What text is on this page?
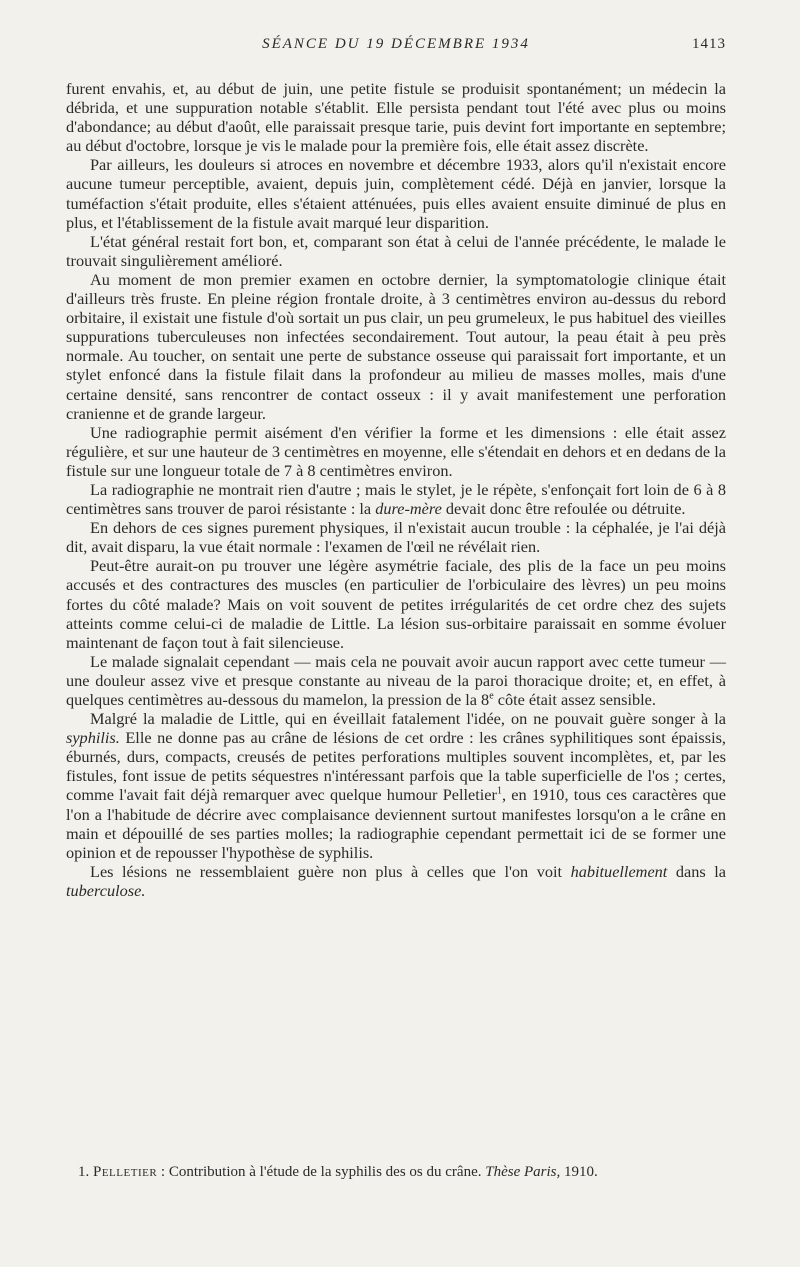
SÉANCE DU 19 DÉCEMBRE 1934	1413

furent envahis, et, au début de juin, une petite fistule se produisit spontanément; un médecin la débrida, et une suppuration notable s'établit. Elle persista pendant tout l'été avec plus ou moins d'abondance; au début d'août, elle paraissait presque tarie, puis devint fort importante en septembre; au début d'octobre, lorsque je vis le malade pour la première fois, elle était assez discrète.

Par ailleurs, les douleurs si atroces en novembre et décembre 1933, alors qu'il n'existait encore aucune tumeur perceptible, avaient, depuis juin, complètement cédé. Déjà en janvier, lorsque la tuméfaction s'était produite, elles s'étaient atténuées, puis elles avaient ensuite diminué de plus en plus, et l'établissement de la fistule avait marqué leur disparition.

L'état général restait fort bon, et, comparant son état à celui de l'année précédente, le malade le trouvait singulièrement amélioré.

Au moment de mon premier examen en octobre dernier, la symptomatologie clinique était d'ailleurs très fruste. En pleine région frontale droite, à 3 centimètres environ au-dessus du rebord orbitaire, il existait une fistule d'où sortait un pus clair, un peu grumeleux, le pus habituel des vieilles suppurations tuberculeuses non infectées secondairement. Tout autour, la peau était à peu près normale. Au toucher, on sentait une perte de substance osseuse qui paraissait fort importante, et un stylet enfoncé dans la fistule filait dans la profondeur au milieu de masses molles, mais d'une certaine densité, sans rencontrer de contact osseux : il y avait manifestement une perforation cranienne et de grande largeur.

Une radiographie permit aisément d'en vérifier la forme et les dimensions : elle était assez régulière, et sur une hauteur de 3 centimètres en moyenne, elle s'étendait en dehors et en dedans de la fistule sur une longueur totale de 7 à 8 centimètres environ.

La radiographie ne montrait rien d'autre ; mais le stylet, je le répète, s'enfonçait fort loin de 6 à 8 centimètres sans trouver de paroi résistante : la dure-mère devait donc être refoulée ou détruite.

En dehors de ces signes purement physiques, il n'existait aucun trouble : la céphalée, je l'ai déjà dit, avait disparu, la vue était normale : l'examen de l'œil ne révélait rien.

Peut-être aurait-on pu trouver une légère asymétrie faciale, des plis de la face un peu moins accusés et des contractures des muscles (en particulier de l'orbiculaire des lèvres) un peu moins fortes du côté malade? Mais on voit souvent de petites irrégularités de cet ordre chez des sujets atteints comme celui-ci de maladie de Little. La lésion sus-orbitaire paraissait en somme évoluer maintenant de façon tout à fait silencieuse.

Le malade signalait cependant — mais cela ne pouvait avoir aucun rapport avec cette tumeur — une douleur assez vive et presque constante au niveau de la paroi thoracique droite; et, en effet, à quelques centimètres au-dessous du mamelon, la pression de la 8e côte était assez sensible.

Malgré la maladie de Little, qui en éveillait fatalement l'idée, on ne pouvait guère songer à la syphilis. Elle ne donne pas au crâne de lésions de cet ordre : les crânes syphilitiques sont épaissis, éburnés, durs, compacts, creusés de petites perforations multiples souvent incomplètes, et, par les fistules, font issue de petits séquestres n'intéressant parfois que la table superficielle de l'os ; certes, comme l'avait fait déjà remarquer avec quelque humour Pelletier$^1$, en 1910, tous ces caractères que l'on a l'habitude de décrire avec complaisance deviennent surtout manifestes lorsqu'on a le crâne en main et dépouillé de ses parties molles; la radiographie cependant permettait ici de se former une opinion et de repousser l'hypothèse de syphilis.

Les lésions ne ressemblaient guère non plus à celles que l'on voit habituellement dans la tuberculose.

1. Pelletier : Contribution à l'étude de la syphilis des os du crâne. Thèse Paris, 1910.
